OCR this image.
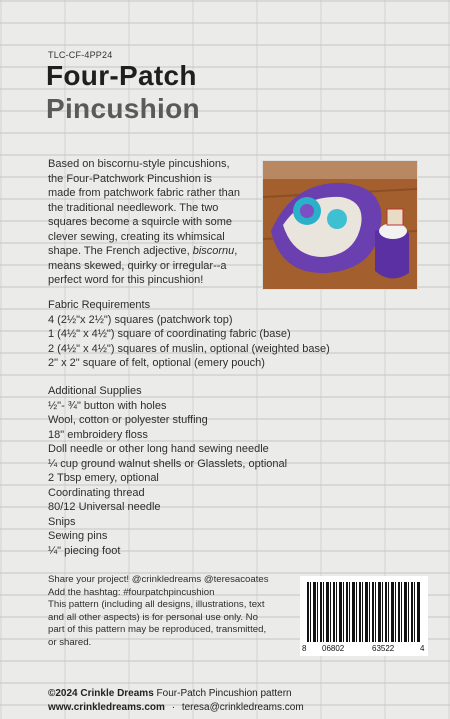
TLC-CF-4PP24
Four-Patch
Pincushion
Based on biscornu-style pincushions,
the Four-Patchwork Pincushion is
made from patchwork fabric rather than
the traditional needlework. The two
squares become a squircle with some
clever sewing, creating its whimsical
shape. The French adjective, biscornu,
means skewed, quirky or irregular--a
perfect word for this pincushion!
Fabric Requirements
4 (2½"x 2½") squares (patchwork top)
1 (4½" x 4½") square of coordinating fabric (base)
2 (4½" x 4½") squares of muslin, optional (weighted base)
2" x 2" square of felt, optional (emery pouch)
Additional Supplies
½"- ¾" button with holes
Wool, cotton or polyester stuffing
18" embroidery floss
Doll needle or other long hand sewing needle
¼ cup ground walnut shells or Glasslets, optional
2 Tbsp emery, optional
Coordinating thread
80/12 Universal needle
Snips
Sewing pins
¼" piecing foot
Share your project! @crinkledreams @teresacoates
Add the hashtag: #fourpatchpincushion
This pattern (including all designs, illustrations, text
and all other aspects) is for personal use only. No
part of this pattern may be reproduced, transmitted,
or shared.
8 06802	63522	4
©2024 Crinkle Dreams Four-Patch Pincushion pattern
www.crinkledreams.com · teresa@crinkledreams.com
